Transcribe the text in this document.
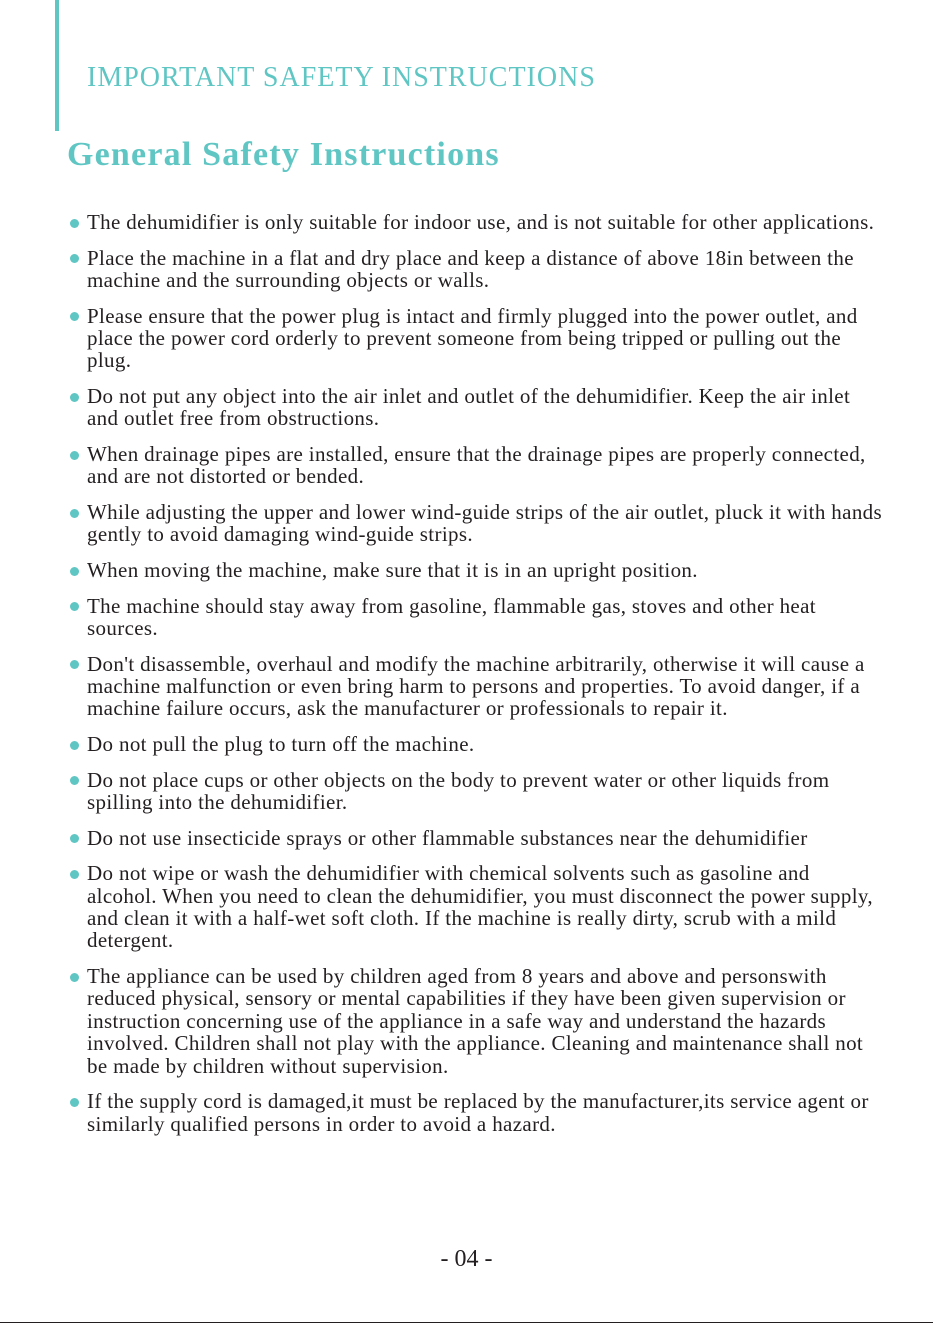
IMPORTANT SAFETY INSTRUCTIONS
General Safety Instructions
The dehumidifier is only suitable for indoor use, and is not suitable for other applications.
Place the machine in a flat and dry place and keep a distance of above 18in between the machine and the surrounding objects or walls.
Please ensure that the power plug is intact and firmly plugged into the power outlet, and place the power cord orderly to prevent someone from being tripped or pulling out the plug.
Do not put any object into the air inlet and outlet of the dehumidifier. Keep the air inlet and outlet free from obstructions.
When drainage pipes are installed, ensure that the drainage pipes are properly connected, and are not distorted or bended.
While adjusting the upper and lower wind-guide strips of the air outlet, pluck it with hands gently to avoid damaging wind-guide strips.
When moving the machine, make sure that it is in an upright position.
The machine should stay away from gasoline, flammable gas, stoves and other heat sources.
Don't disassemble, overhaul and modify the machine arbitrarily, otherwise it will cause a machine malfunction or even bring harm to persons and properties. To avoid danger, if a machine failure occurs, ask the manufacturer or professionals to repair it.
Do not pull the plug to turn off the machine.
Do not place cups or other objects on the body to prevent water or other liquids from spilling into the dehumidifier.
Do not use insecticide sprays or other flammable substances near the dehumidifier
Do not wipe or wash the dehumidifier with chemical solvents such as gasoline and alcohol. When you need to clean the dehumidifier, you must disconnect the power supply, and clean it with a half-wet soft cloth. If the machine is really dirty, scrub with a mild detergent.
The appliance can be used by children aged from 8 years and above and personswith reduced physical, sensory or mental capabilities if they have been given supervision or instruction concerning use of the appliance in a safe way and understand the hazards involved. Children shall not play with the appliance. Cleaning and maintenance shall not be made by children without supervision.
If the supply cord is damaged,it must be replaced by the manufacturer,its service agent or similarly qualified persons in order to avoid a hazard.
- 04 -
